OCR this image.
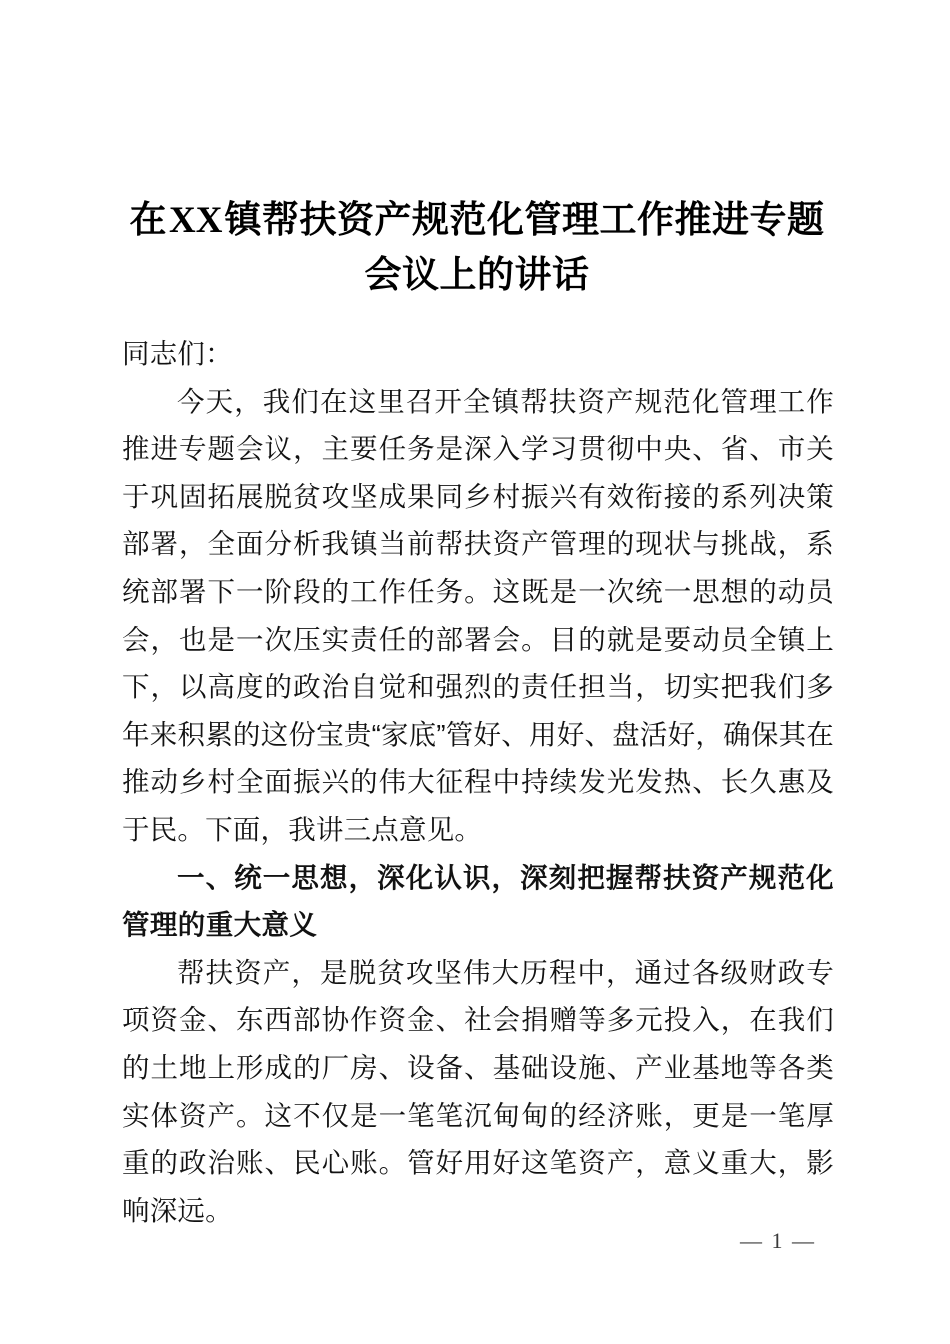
在XX镇帮扶资产规范化管理工作推进专题会议上的讲话

同志们：

今天，我们在这里召开全镇帮扶资产规范化管理工作推进专题会议，主要任务是深入学习贯彻中央、省、市关于巩固拓展脱贫攻坚成果同乡村振兴有效衔接的系列决策部署，全面分析我镇当前帮扶资产管理的现状与挑战，系统部署下一阶段的工作任务。这既是一次统一思想的动员会，也是一次压实责任的部署会。目的就是要动员全镇上下，以高度的政治自觉和强烈的责任担当，切实把我们多年来积累的这份宝贵“家底”管好、用好、盘活好，确保其在推动乡村全面振兴的伟大征程中持续发光发热、长久惠及于民。下面，我讲三点意见。

一、统一思想，深化认识，深刻把握帮扶资产规范化管理的重大意义

帮扶资产，是脱贫攻坚伟大历程中，通过各级财政专项资金、东西部协作资金、社会捐赠等多元投入，在我们的土地上形成的厂房、设备、基础设施、产业基地等各类实体资产。这不仅是一笔笔沉甸甸的经济账，更是一笔厚重的政治账、民心账。管好用好这笔资产，意义重大，影响深远。

— 1 —
